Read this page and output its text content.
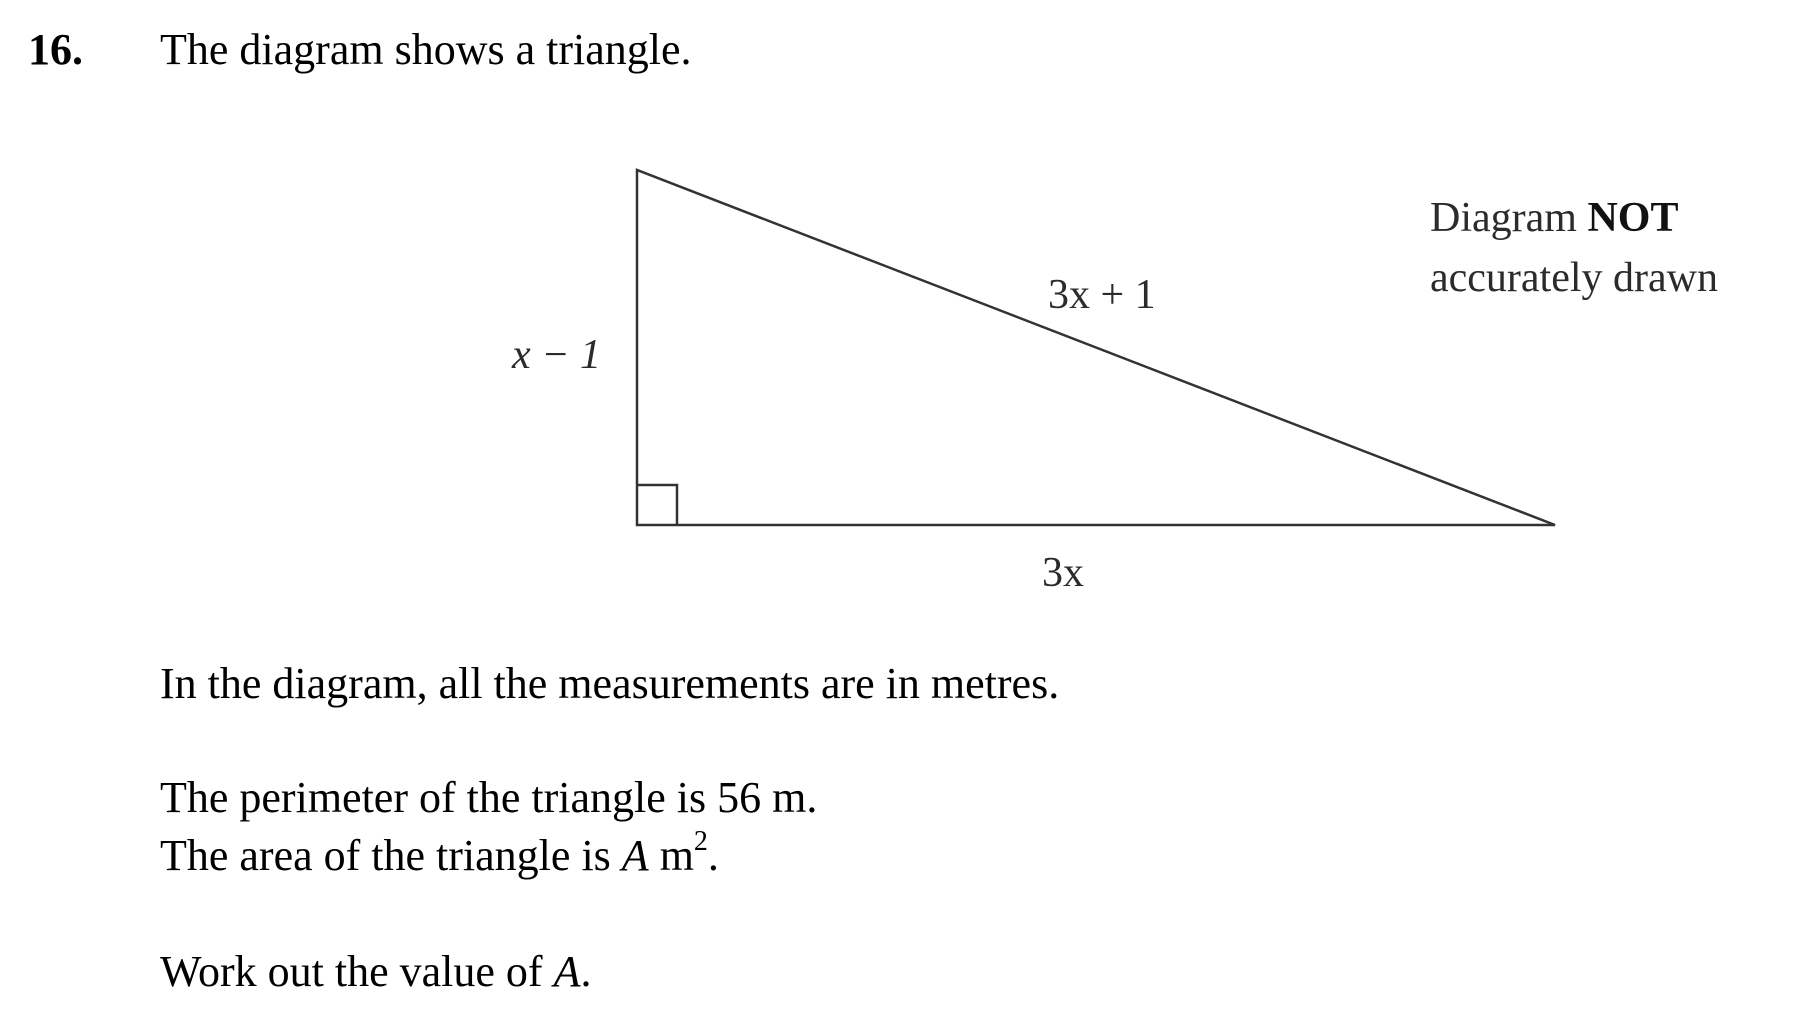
16. The diagram shows a triangle.
x − 1
3x + 1
3x
Diagram NOT
accurately drawn
In the diagram, all the measurements are in metres.
The perimeter of the triangle is 56 m.
The area of the triangle is A $m^2$.
Work out the value of A.
